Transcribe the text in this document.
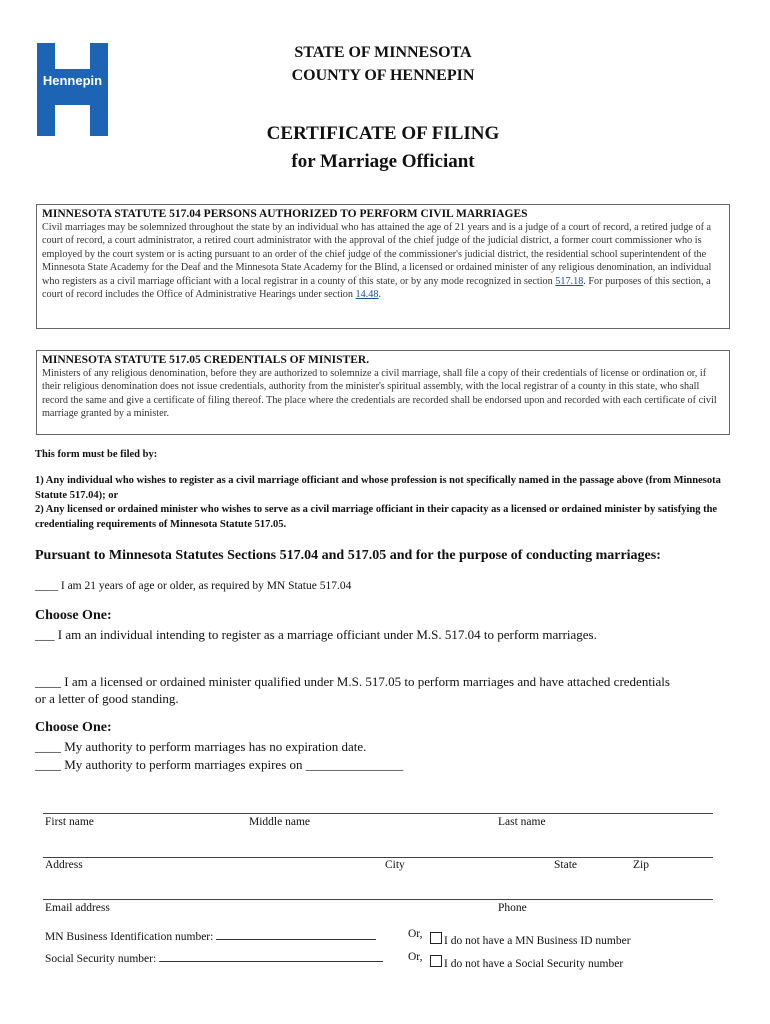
Hennepin
STATE OF MINNESOTA
COUNTY OF HENNEPIN
CERTIFICATE OF FILING
for Marriage Officiant
MINNESOTA STATUTE 517.04 PERSONS AUTHORIZED TO PERFORM CIVIL MARRIAGES

Civil marriages may be solemnized throughout the state by an individual who has attained the age of 21 years and is a judge of a court of record, a retired judge of a court of record, a court administrator, a retired court administrator with the approval of the chief judge of the judicial district, a former court commissioner who is employed by the court system or is acting pursuant to an order of the chief judge of the commissioner's judicial district, the residential school superintendent of the Minnesota State Academy for the Deaf and the Minnesota State Academy for the Blind, a licensed or ordained minister of any religious denomination, an individual who registers as a civil marriage officiant with a local registrar in a county of this state, or by any mode recognized in section 517.18. For purposes of this section, a court of record includes the Office of Administrative Hearings under section 14.48.

MINNESOTA STATUTE 517.05 CREDENTIALS OF MINISTER.

Ministers of any religious denomination, before they are authorized to solemnize a civil marriage, shall file a copy of their credentials of license or ordination or, if their religious denomination does not issue credentials, authority from the minister's spiritual assembly, with the local registrar of a county in this state, who shall record the same and give a certificate of filing thereof. The place where the credentials are recorded shall be endorsed upon and recorded with each certificate of civil marriage granted by a minister.

This form must be filed by:
1) Any individual who wishes to register as a civil marriage officiant and whose profession is not specifically named in the passage above (from Minnesota Statute 517.04); or
2) Any licensed or ordained minister who wishes to serve as a civil marriage officiant in their capacity as a licensed or ordained minister by satisfying the credentialing requirements of Minnesota Statute 517.05.
Pursuant to Minnesota Statutes Sections 517.04 and 517.05 and for the purpose of conducting marriages:
____ I am 21 years of age or older, as required by MN Statue 517.04
Choose One:
___ I am an individual intending to register as a marriage officiant under M.S. 517.04 to perform marriages.
____ I am a licensed or ordained minister qualified under M.S. 517.05 to perform marriages and have attached credentials or a letter of good standing.
Choose One:
____ My authority to perform marriages has no expiration date.
____ My authority to perform marriages expires on _______________
First name	Middle name	Last name
Address	City	State	Zip
Email address	Phone
MN Business Identification number:	Or,
I do not have a MN Business ID number
Social Security number:	Or,
I do not have a Social Security number
